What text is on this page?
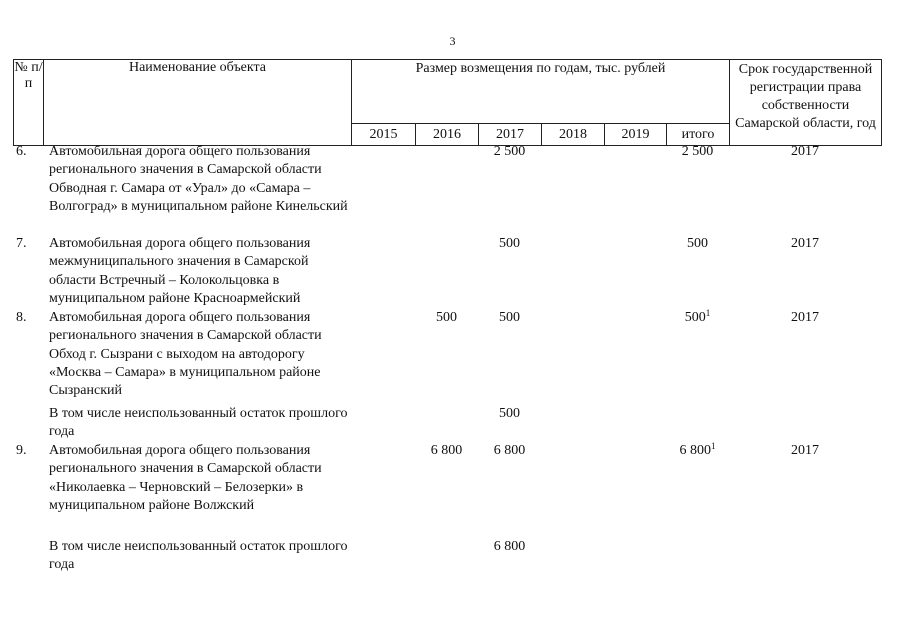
3
№ п/п	Наименование объекта	Размер возмещения по годам, тыс. рублей						Срок государственной регистрации права собственности Самарской области, год
		2015	2016	2017	2018	2019	итого	
6.	Автомобильная дорога общего пользования регионального значения в Самарской области Обводная г. Самара от «Урал» до «Самара – Волгоград» в муниципальном районе Кинельский			2 500			2 500	2017
7.	Автомобильная дорога общего пользования межмуниципального значения в Самарской области Встречный – Колокольцовка в муниципальном районе Красноармейский			500			500	2017
8.	Автомобильная дорога общего пользования регионального значения в Самарской области Обход г. Сызрани с выходом на автодорогу «Москва – Самара» в муниципальном районе Сызранский		500	500			$500^1$	2017
	В том числе неиспользованный остаток прошлого года			500				
9.	Автомобильная дорога общего пользования регионального значения в Самарской области «Николаевка – Черновский – Белозерки» в муниципальном районе Волжский		6 800	6 800			6 $800^1$	2017
	В том числе неиспользованный остаток прошлого года			6 800				
